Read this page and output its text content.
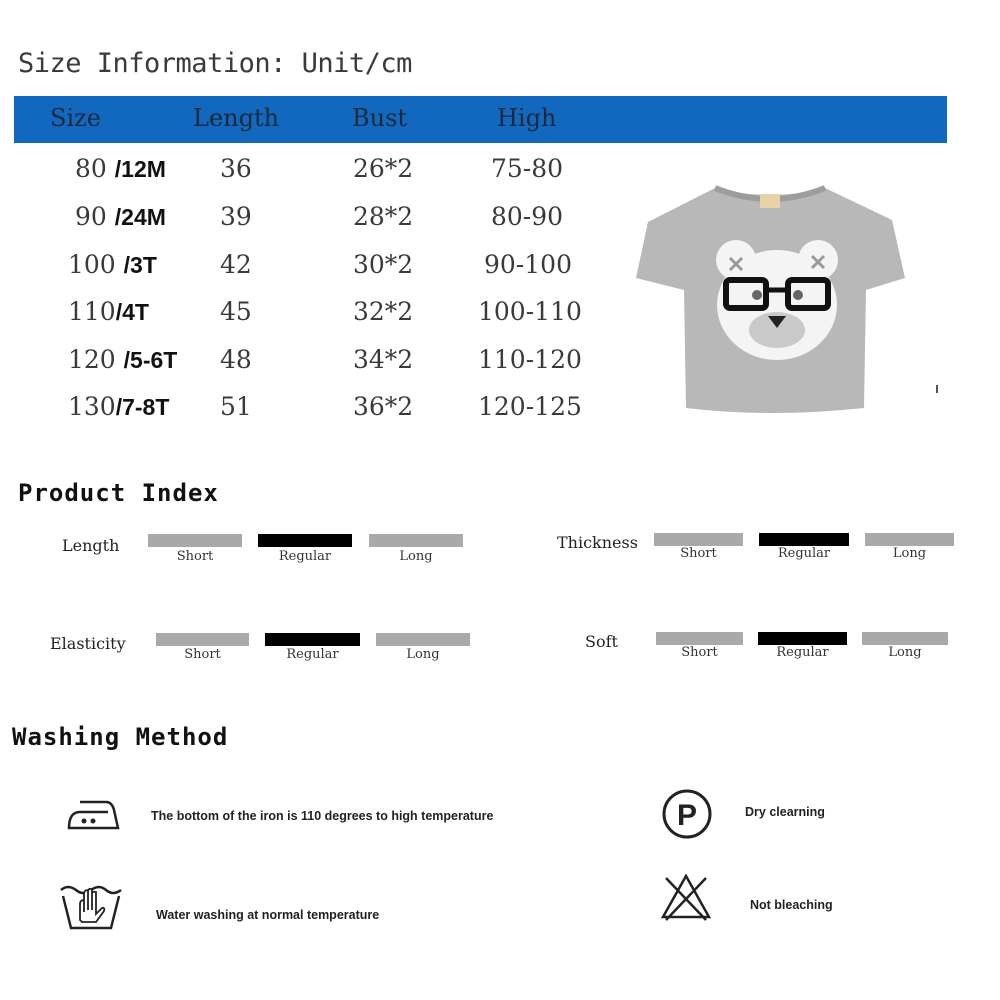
Size Information: Unit/cm
Size	Length	Bust	High
80 /12M 36	26*2	75-80
90 /24M 39	28*2	80-90
100 /3T	42	30*2	90-100
110/4T	45	32*2	100-110
120 /5-6T 48	34*2	110-120
130/7-8T 51	36*2	120-125
Product Index
Length
Short	Regular	Long
Thickness
Short	Regular	Long
Elasticity
Short	Regular	Long
Soft
Short	Regular	Long
Washing Method
The bottom of the iron is 110 degrees to high temperature	P	Dry clearning
Water washing at normal temperature
Not bleaching
